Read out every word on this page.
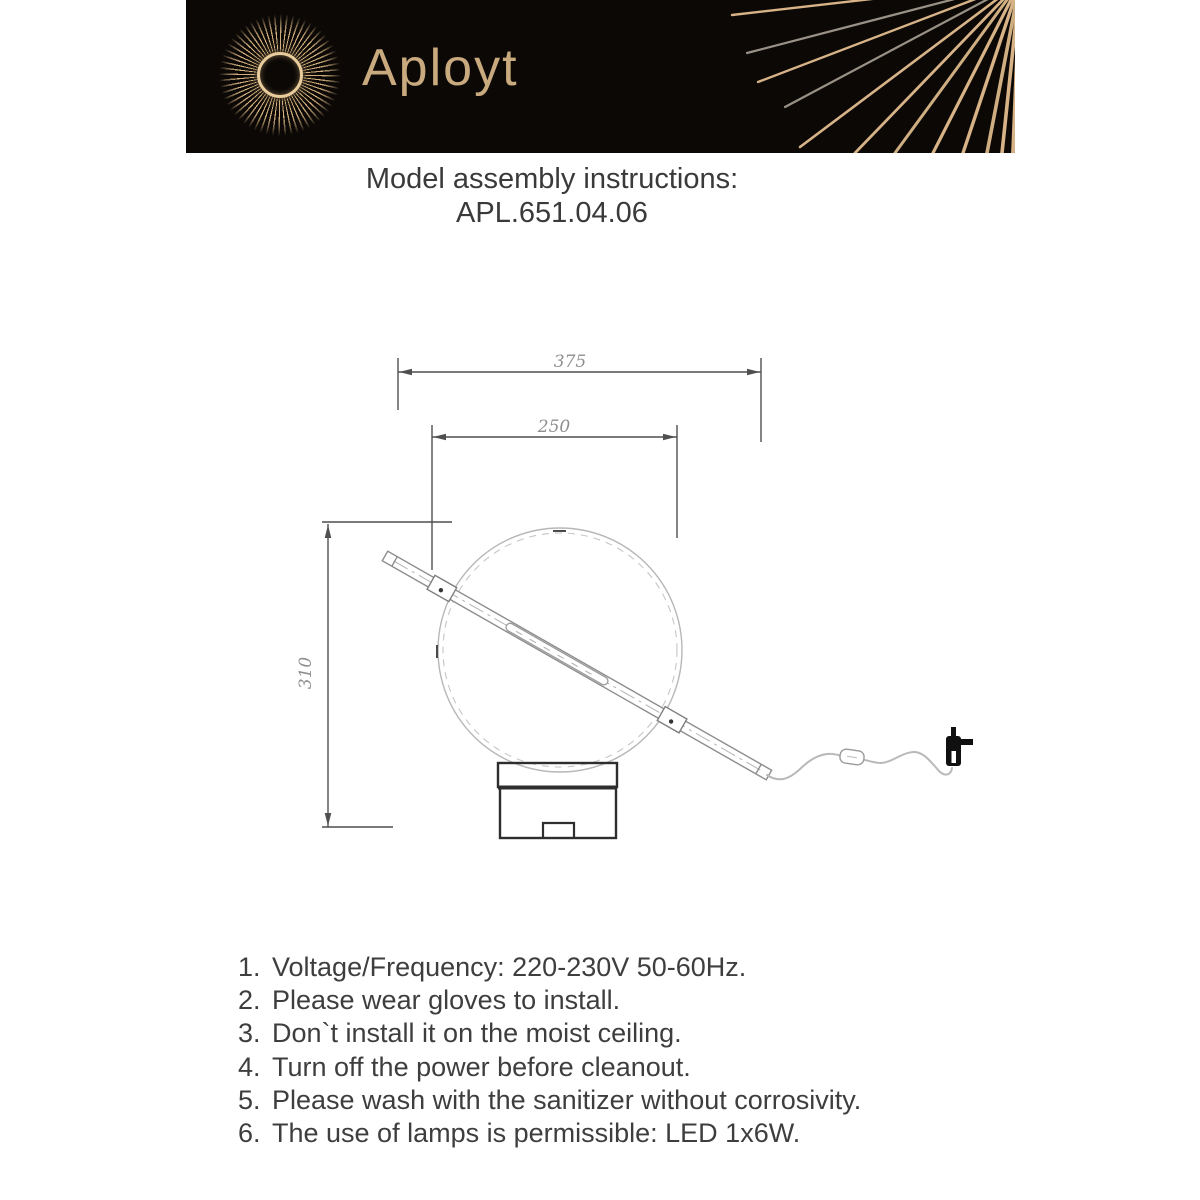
Aployt
Model assembly instructions:
APL.651.04.06
375
250
310
1. Voltage/Frequency: 220-230V 50-60Hz.
2. Please wear gloves to install.
3. Don`t install it on the moist ceiling.
4. Turn off the power before cleanout.
5. Please wash with the sanitizer without corrosivity.
6. The use of lamps is permissible: LED 1x6W.
